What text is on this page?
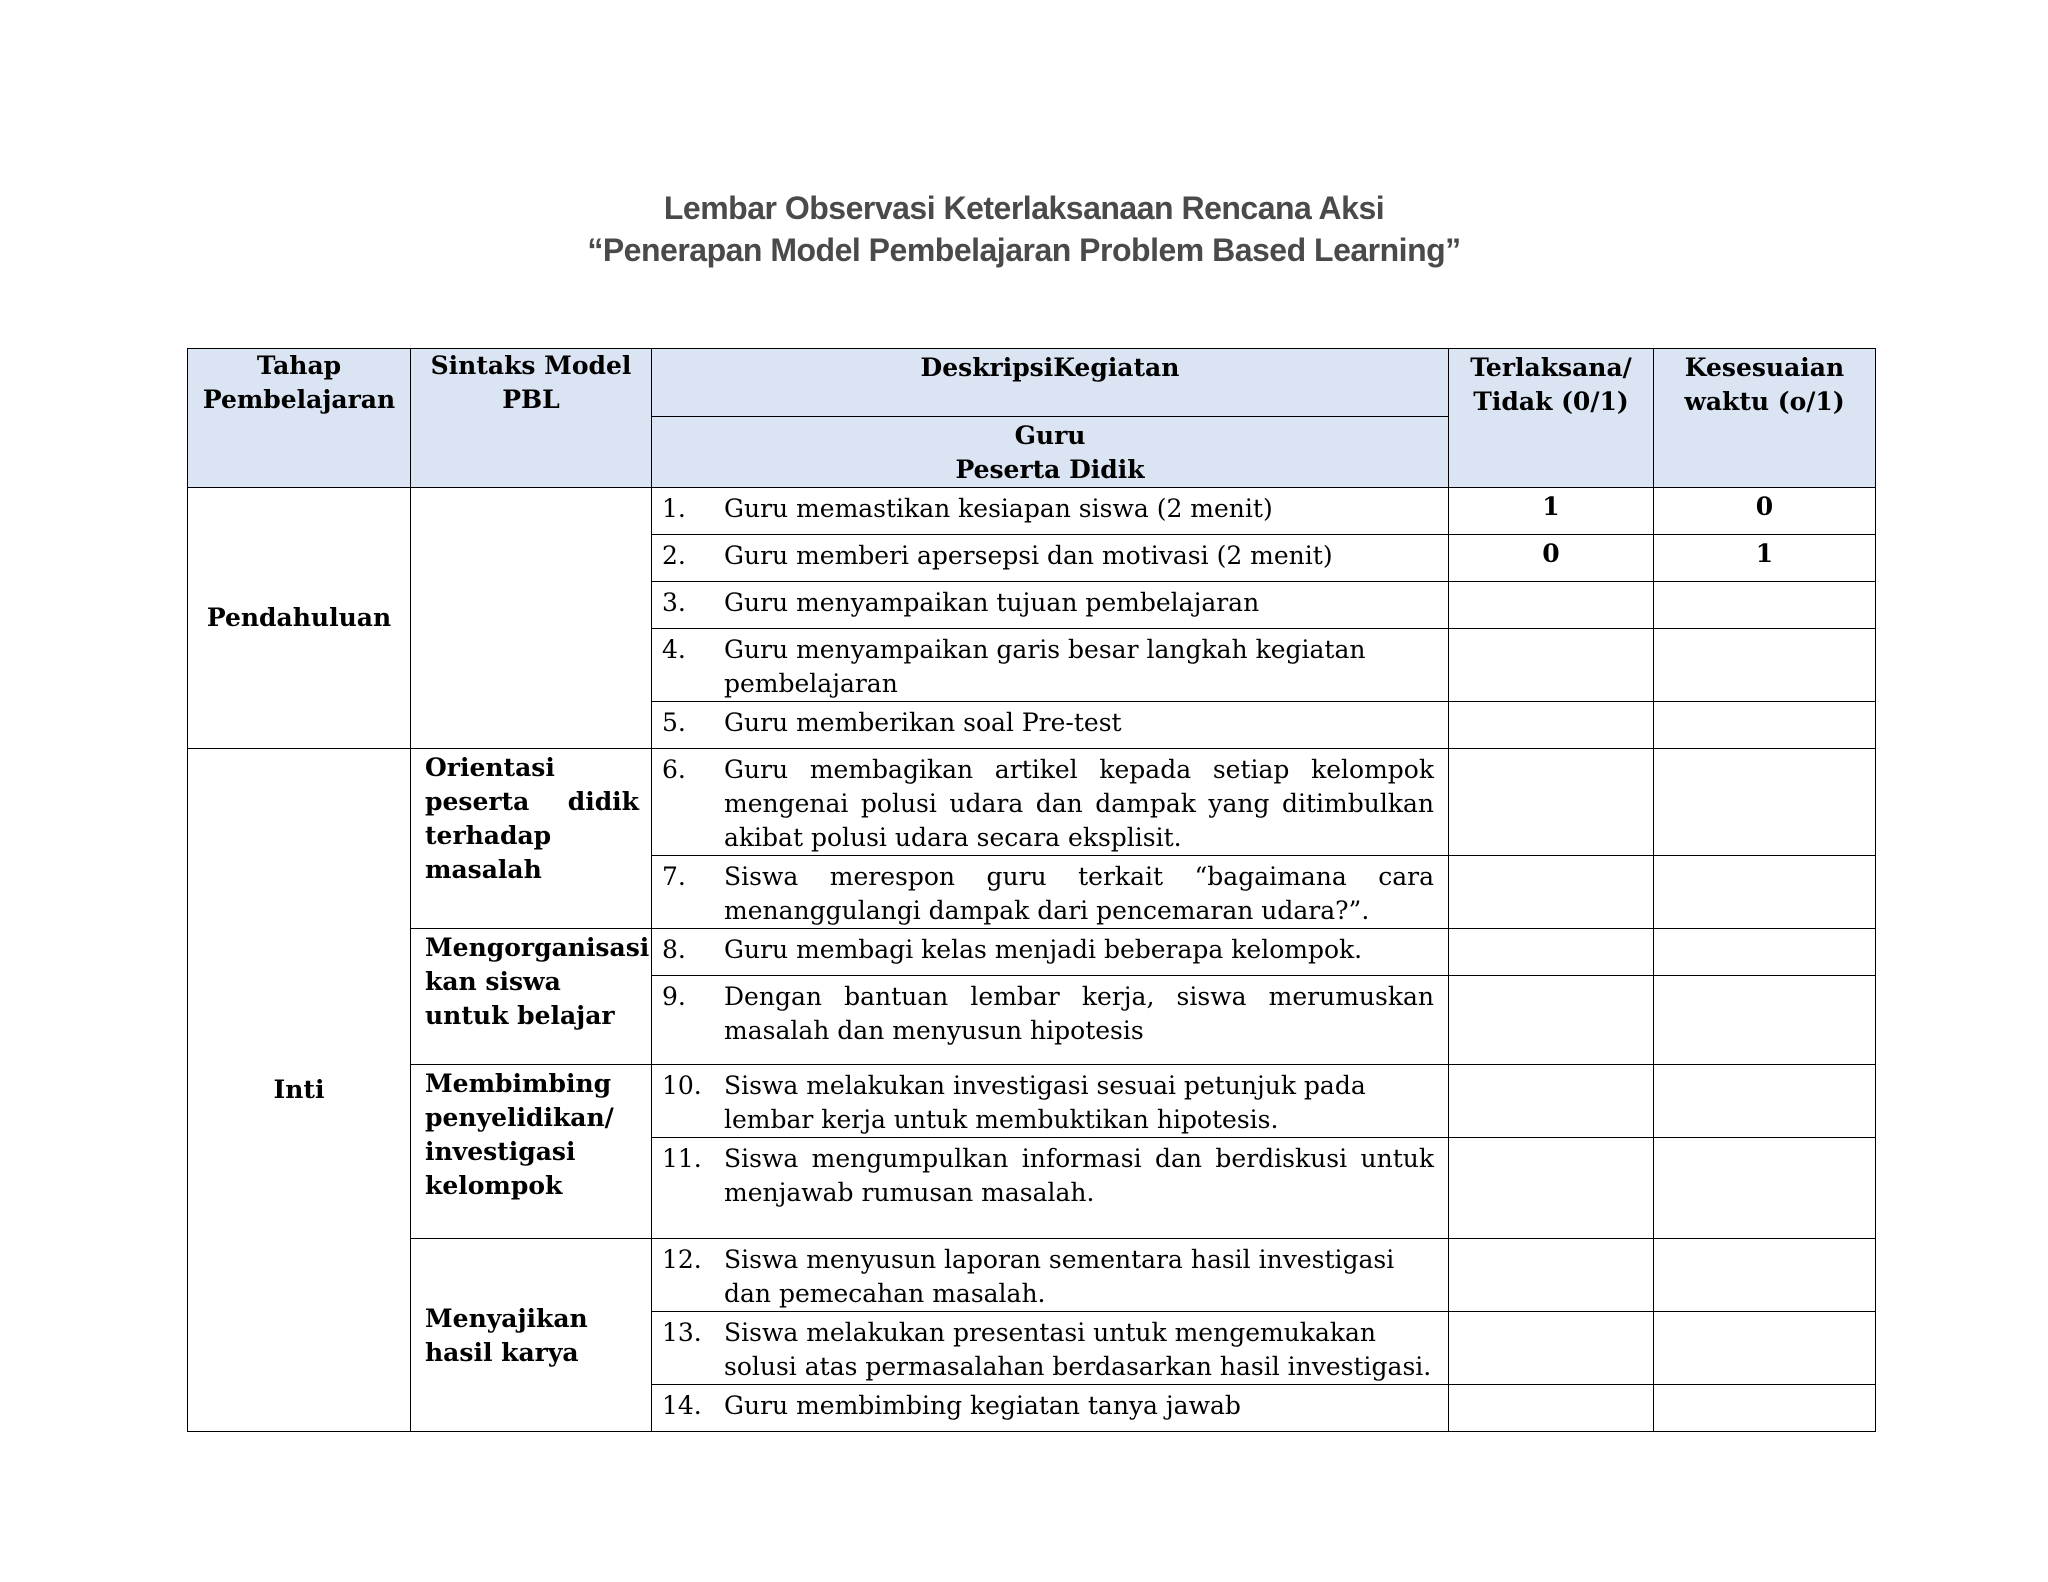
Lembar Observasi Keterlaksanaan Rencana Aksi
“Penerapan Model Pembelajaran Problem Based Learning”
Tahap Pembelajaran	Sintaks Model PBL	DeskripsiKegiatan	Terlaksana/ Tidak (0/1)	Kesesuaian waktu (o/1)

		Guru
Peserta Didik		

Pendahuluan		1. Guru memastikan kesiapan siswa (2 menit)	1	0

		2. Guru memberi apersepsi dan motivasi (2 menit)	0	1

		3. Guru menyampaikan tujuan pembelajaran		

		4. Guru menyampaikan garis besar langkah kegiatan pembelajaran		

		5. Guru memberikan soal Pre-test		

Inti	Orientasi peserta didik terhadap masalah	6. Guru membagikan artikel kepada setiap kelompok mengenai polusi udara dan dampak yang ditimbulkan akibat polusi udara secara eksplisit.		

		7. Siswa merespon guru terkait “bagaimana cara menanggulangi dampak dari pencemaran udara?”.		

	Mengorganisasi kan siswa untuk belajar	8. Guru membagi kelas menjadi beberapa kelompok.		

		9. Dengan bantuan lembar kerja, siswa merumuskan masalah dan menyusun hipotesis		

	Membimbing penyelidikan/ investigasi kelompok	10. Siswa melakukan investigasi sesuai petunjuk pada lembar kerja untuk membuktikan hipotesis.		

		11. Siswa mengumpulkan informasi dan berdiskusi untuk menjawab rumusan masalah.		

	Menyajikan hasil karya	12. Siswa menyusun laporan sementara hasil investigasi dan pemecahan masalah.		

		13. Siswa melakukan presentasi untuk mengemukakan solusi atas permasalahan berdasarkan hasil investigasi.		

		14. Guru membimbing kegiatan tanya jawab		
